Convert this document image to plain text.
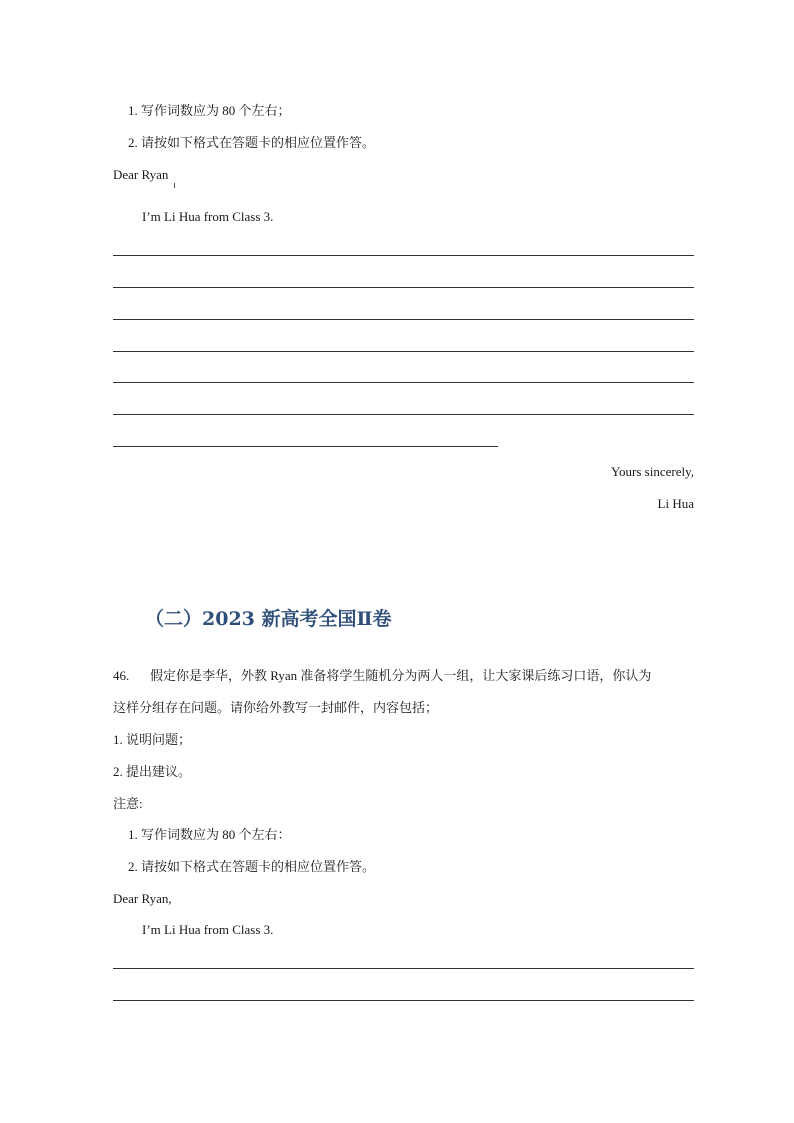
1. 写作词数应为 80 个左右；
2. 请按如下格式在答题卡的相应位置作答。
Dear Ryan
I’m Li Hua from Class 3.
Yours sincerely,
Li Hua
（二）2023 新高考全国Ⅱ卷
46. 假定你是李华，外教 Ryan 准备将学生随机分为两人一组，让大家课后练习口语，你认为
这样分组存在问题。请你给外教写一封邮件，内容包括；
1. 说明问题；
2. 提出建议。
注意:
1. 写作词数应为 80 个左右：
2. 请按如下格式在答题卡的相应位置作答。
Dear Ryan,
I’m Li Hua from Class 3.
